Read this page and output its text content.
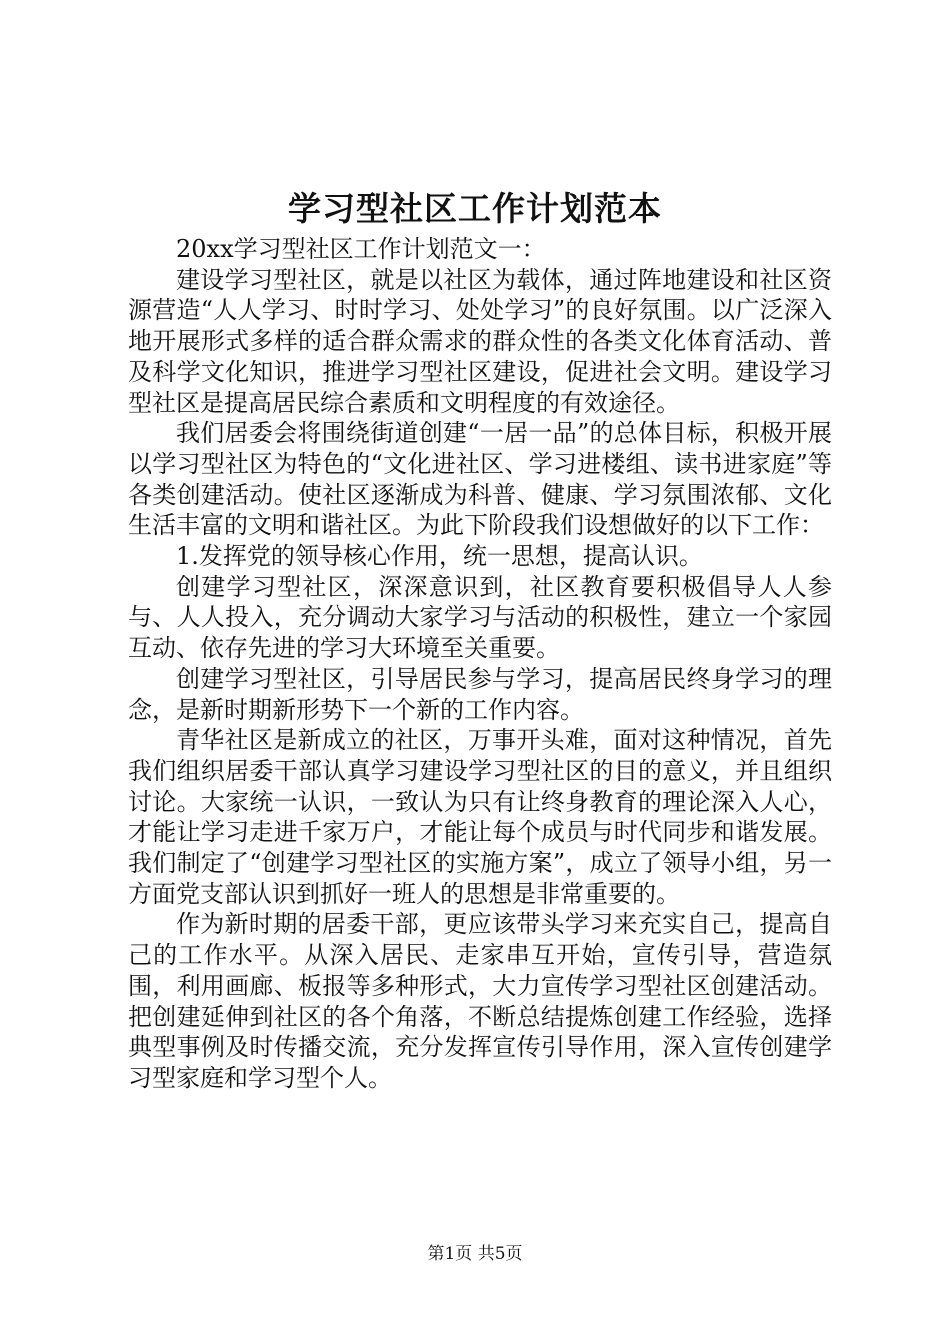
学习型社区工作计划范本

20xx学习型社区工作计划范文一：

建设学习型社区，就是以社区为载体，通过阵地建设和社区资源营造“人人学习、时时学习、处处学习”的良好氛围。以广泛深入地开展形式多样的适合群众需求的群众性的各类文化体育活动、普及科学文化知识，推进学习型社区建设，促进社会文明。建设学习型社区是提高居民综合素质和文明程度的有效途径。

我们居委会将围绕街道创建“一居一品”的总体目标，积极开展以学习型社区为特色的“文化进社区、学习进楼组、读书进家庭”等各类创建活动。使社区逐渐成为科普、健康、学习氛围浓郁、文化生活丰富的文明和谐社区。为此下阶段我们设想做好的以下工作：

1.发挥党的领导核心作用，统一思想，提高认识。

创建学习型社区，深深意识到，社区教育要积极倡导人人参与、人人投入，充分调动大家学习与活动的积极性，建立一个家园互动、依存先进的学习大环境至关重要。

创建学习型社区，引导居民参与学习，提高居民终身学习的理念，是新时期新形势下一个新的工作内容。

青华社区是新成立的社区，万事开头难，面对这种情况，首先我们组织居委干部认真学习建设学习型社区的目的意义，并且组织讨论。大家统一认识，一致认为只有让终身教育的理论深入人心，才能让学习走进千家万户，才能让每个成员与时代同步和谐发展。我们制定了“创建学习型社区的实施方案”，成立了领导小组，另一方面党支部认识到抓好一班人的思想是非常重要的。

作为新时期的居委干部，更应该带头学习来充实自己，提高自己的工作水平。从深入居民、走家串互开始，宣传引导，营造氛围，利用画廊、板报等多种形式，大力宣传学习型社区创建活动。把创建延伸到社区的各个角落，不断总结提炼创建工作经验，选择典型事例及时传播交流，充分发挥宣传引导作用，深入宣传创建学习型家庭和学习型个人。

第1页 共5页
